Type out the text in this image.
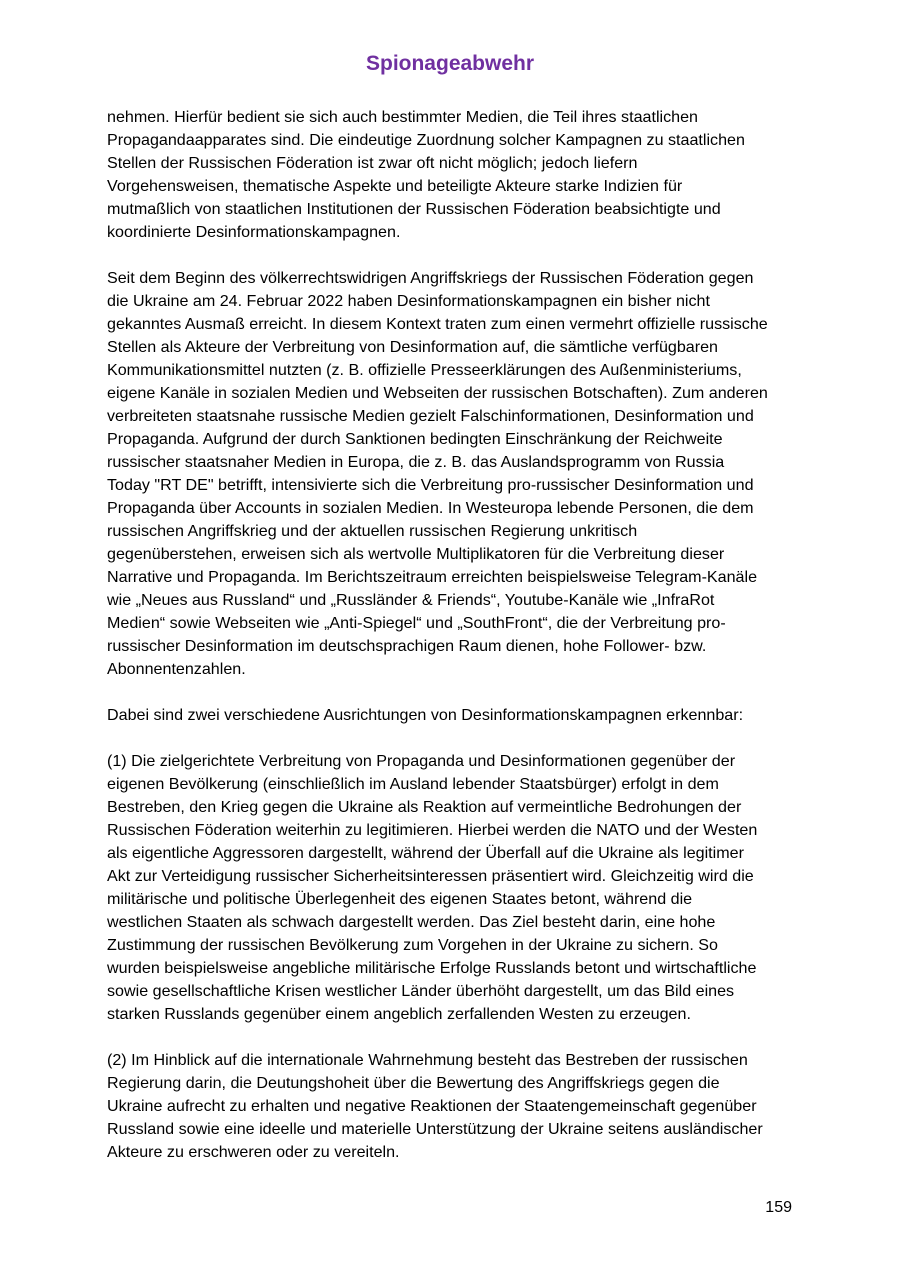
Spionageabwehr

nehmen. Hierfür bedient sie sich auch bestimmter Medien, die Teil ihres staatlichen
Propagandaapparates sind. Die eindeutige Zuordnung solcher Kampagnen zu staatlichen
Stellen der Russischen Föderation ist zwar oft nicht möglich; jedoch liefern
Vorgehensweisen, thematische Aspekte und beteiligte Akteure starke Indizien für
mutmaßlich von staatlichen Institutionen der Russischen Föderation beabsichtigte und
koordinierte Desinformationskampagnen.

Seit dem Beginn des völkerrechtswidrigen Angriffskriegs der Russischen Föderation gegen
die Ukraine am 24. Februar 2022 haben Desinformationskampagnen ein bisher nicht
gekanntes Ausmaß erreicht. In diesem Kontext traten zum einen vermehrt offizielle russische
Stellen als Akteure der Verbreitung von Desinformation auf, die sämtliche verfügbaren
Kommunikationsmittel nutzten (z. B. offizielle Presseerklärungen des Außenministeriums,
eigene Kanäle in sozialen Medien und Webseiten der russischen Botschaften). Zum anderen
verbreiteten staatsnahe russische Medien gezielt Falschinformationen, Desinformation und
Propaganda. Aufgrund der durch Sanktionen bedingten Einschränkung der Reichweite
russischer staatsnaher Medien in Europa, die z. B. das Auslandsprogramm von Russia
Today "RT DE" betrifft, intensivierte sich die Verbreitung pro-russischer Desinformation und
Propaganda über Accounts in sozialen Medien. In Westeuropa lebende Personen, die dem
russischen Angriffskrieg und der aktuellen russischen Regierung unkritisch
gegenüberstehen, erweisen sich als wertvolle Multiplikatoren für die Verbreitung dieser
Narrative und Propaganda. Im Berichtszeitraum erreichten beispielsweise Telegram-Kanäle
wie „Neues aus Russland“ und „Russländer & Friends“, Youtube-Kanäle wie „InfraRot
Medien“ sowie Webseiten wie „Anti-Spiegel“ und „SouthFront“, die der Verbreitung pro-
russischer Desinformation im deutschsprachigen Raum dienen, hohe Follower- bzw.
Abonnentenzahlen.

Dabei sind zwei verschiedene Ausrichtungen von Desinformationskampagnen erkennbar:

(1) Die zielgerichtete Verbreitung von Propaganda und Desinformationen gegenüber der
eigenen Bevölkerung (einschließlich im Ausland lebender Staatsbürger) erfolgt in dem
Bestreben, den Krieg gegen die Ukraine als Reaktion auf vermeintliche Bedrohungen der
Russischen Föderation weiterhin zu legitimieren. Hierbei werden die NATO und der Westen
als eigentliche Aggressoren dargestellt, während der Überfall auf die Ukraine als legitimer
Akt zur Verteidigung russischer Sicherheitsinteressen präsentiert wird. Gleichzeitig wird die
militärische und politische Überlegenheit des eigenen Staates betont, während die
westlichen Staaten als schwach dargestellt werden. Das Ziel besteht darin, eine hohe
Zustimmung der russischen Bevölkerung zum Vorgehen in der Ukraine zu sichern. So
wurden beispielsweise angebliche militärische Erfolge Russlands betont und wirtschaftliche
sowie gesellschaftliche Krisen westlicher Länder überhöht dargestellt, um das Bild eines
starken Russlands gegenüber einem angeblich zerfallenden Westen zu erzeugen.

(2) Im Hinblick auf die internationale Wahrnehmung besteht das Bestreben der russischen
Regierung darin, die Deutungshoheit über die Bewertung des Angriffskriegs gegen die
Ukraine aufrecht zu erhalten und negative Reaktionen der Staatengemeinschaft gegenüber
Russland sowie eine ideelle und materielle Unterstützung der Ukraine seitens ausländischer
Akteure zu erschweren oder zu vereiteln.

159
